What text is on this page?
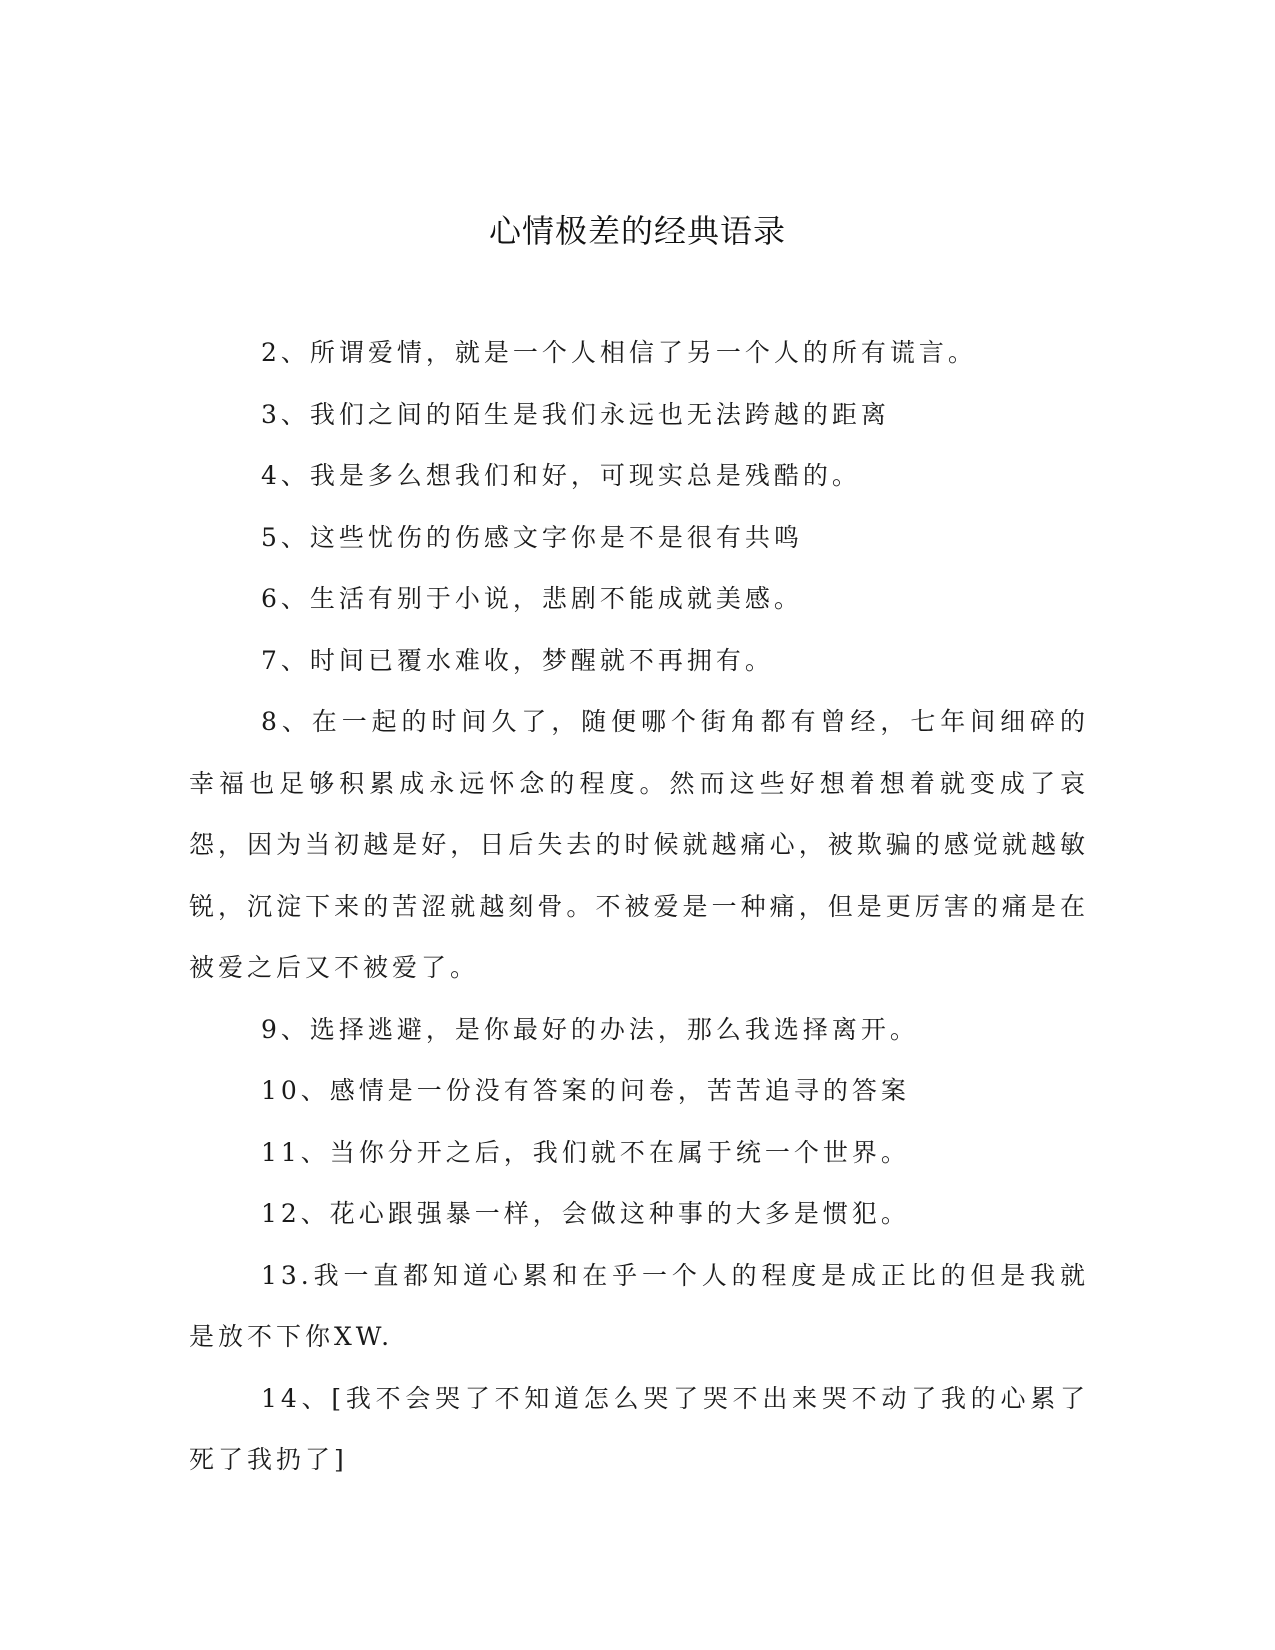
心情极差的经典语录

2、所谓爱情，就是一个人相信了另一个人的所有谎言。

3、我们之间的陌生是我们永远也无法跨越的距离

4、我是多么想我们和好，可现实总是残酷的。

5、这些忧伤的伤感文字你是不是很有共鸣

6、生活有别于小说，悲剧不能成就美感。

7、时间已覆水难收，梦醒就不再拥有。

8、在一起的时间久了，随便哪个街角都有曾经，七年间细碎的幸福也足够积累成永远怀念的程度。然而这些好想着想着就变成了哀怨，因为当初越是好，日后失去的时候就越痛心，被欺骗的感觉就越敏锐，沉淀下来的苦涩就越刻骨。不被爱是一种痛，但是更厉害的痛是在被爱之后又不被爱了。

9、选择逃避，是你最好的办法，那么我选择离开。

10、感情是一份没有答案的问卷，苦苦追寻的答案

11、当你分开之后，我们就不在属于统一个世界。

12、花心跟强暴一样，会做这种事的大多是惯犯。

13.我一直都知道心累和在乎一个人的程度是成正比的但是我就是放不下你XW.

14、[我不会哭了不知道怎么哭了哭不出来哭不动了我的心累了死了我扔了]
